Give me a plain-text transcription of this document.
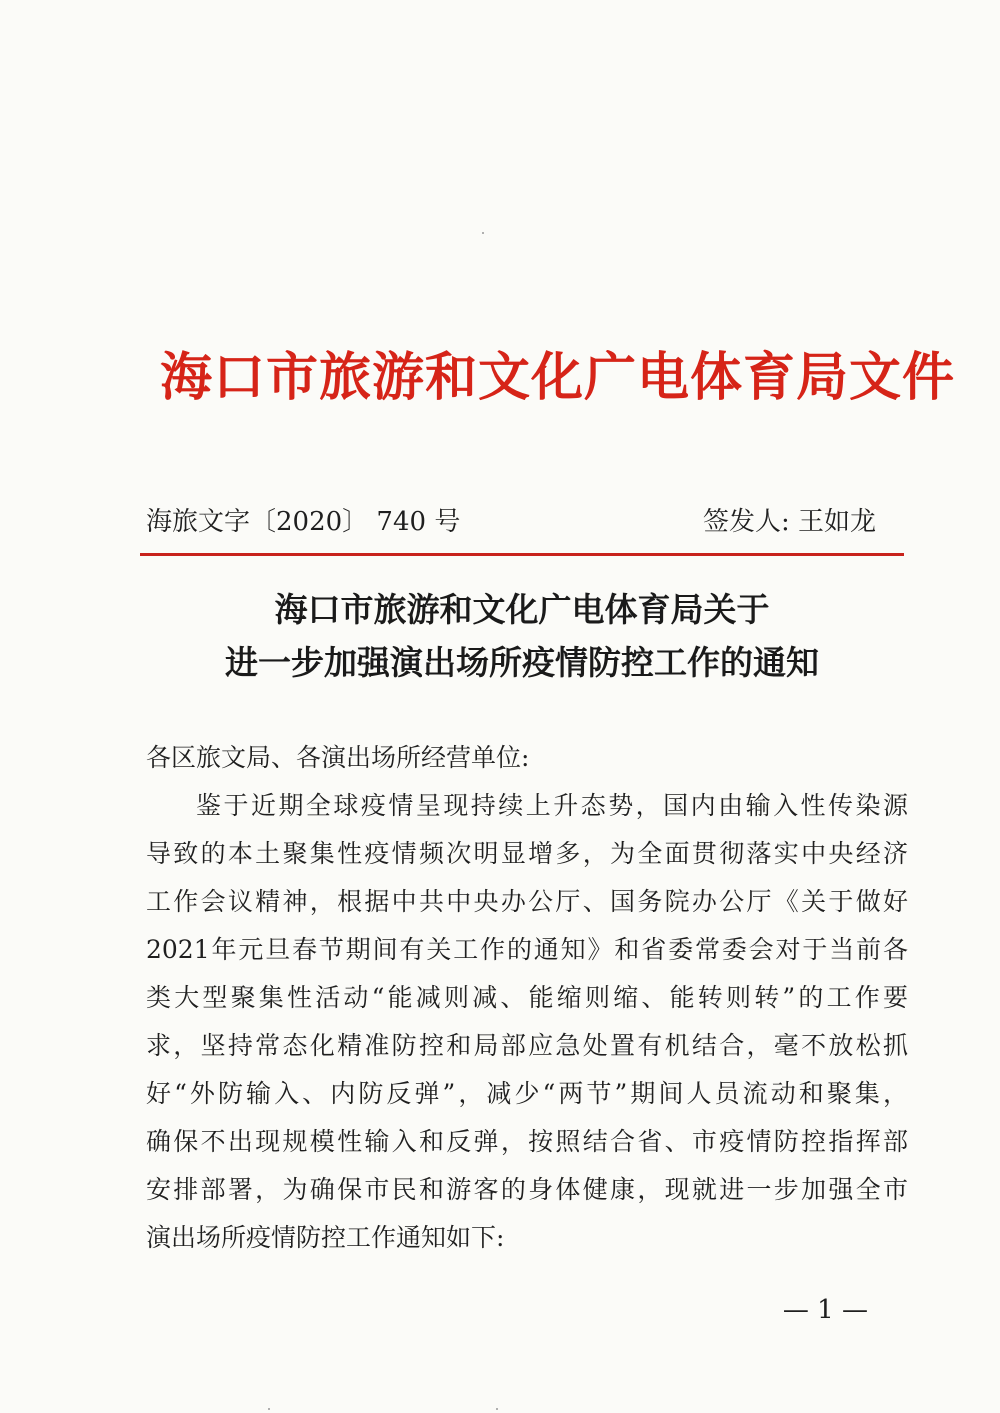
海口市旅游和文化广电体育局文件
海旅文字〔2020〕 740 号	签发人: 王如龙
海口市旅游和文化广电体育局关于
进一步加强演出场所疫情防控工作的通知
各区旅文局、各演出场所经营单位:
鉴于近期全球疫情呈现持续上升态势，国内由输入性传染源
导致的本土聚集性疫情频次明显增多，为全面贯彻落实中央经济
工作会议精神，根据中共中央办公厅、国务院办公厅《关于做好
2021年元旦春节期间有关工作的通知》和省委常委会对于当前各
类大型聚集性活动“能减则减、能缩则缩、能转则转”的工作要
求，坚持常态化精准防控和局部应急处置有机结合，毫不放松抓
好“外防输入、内防反弹”，减少“两节”期间人员流动和聚集，
确保不出现规模性输入和反弹，按照结合省、市疫情防控指挥部
安排部署，为确保市民和游客的身体健康，现就进一步加强全市
演出场所疫情防控工作通知如下:
— 1 —
